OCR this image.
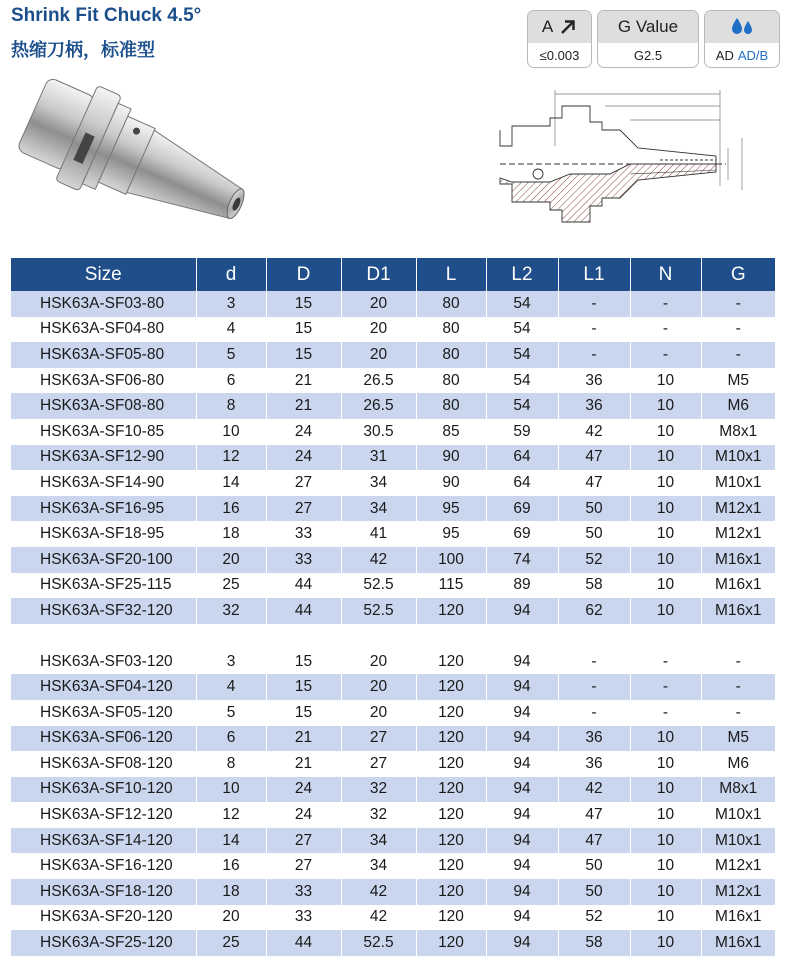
Shrink Fit Chuck 4.5°
热缩刀柄，标准型
A
≤0.003
G Value
G2.5	AD AD/B
Size	d	D	D1	L	L2	L1	N	G
HSK63A-SF03-80	3	15	20	80	54	-	-	-
HSK63A-SF04-80	4	15	20	80	54	-	-	-
HSK63A-SF05-80	5	15	20	80	54	-	-	-
HSK63A-SF06-80	6	21	26.5	80	54	36	10	M5
HSK63A-SF08-80	8	21	26.5	80	54	36	10	M6
HSK63A-SF10-85	10	24	30.5	85	59	42	10	M8x1
HSK63A-SF12-90	12	24	31	90	64	47	10	M10x1
HSK63A-SF14-90	14	27	34	90	64	47	10	M10x1
HSK63A-SF16-95	16	27	34	95	69	50	10	M12x1
HSK63A-SF18-95	18	33	41	95	69	50	10	M12x1
HSK63A-SF20-100	20	33	42	100	74	52	10	M16x1
HSK63A-SF25-115	25	44	52.5	115	89	58	10	M16x1
HSK63A-SF32-120	32	44	52.5	120	94	62	10	M16x1

HSK63A-SF03-120	3	15	20	120	94	-	-	-
HSK63A-SF04-120	4	15	20	120	94	-	-	-
HSK63A-SF05-120	5	15	20	120	94	-	-	-
HSK63A-SF06-120	6	21	27	120	94	36	10	M5
HSK63A-SF08-120	8	21	27	120	94	36	10	M6
HSK63A-SF10-120	10	24	32	120	94	42	10	M8x1
HSK63A-SF12-120	12	24	32	120	94	47	10	M10x1
HSK63A-SF14-120	14	27	34	120	94	47	10	M10x1
HSK63A-SF16-120	16	27	34	120	94	50	10	M12x1
HSK63A-SF18-120	18	33	42	120	94	50	10	M12x1
HSK63A-SF20-120	20	33	42	120	94	52	10	M16x1
HSK63A-SF25-120	25	44	52.5	120	94	58	10	M16x1
